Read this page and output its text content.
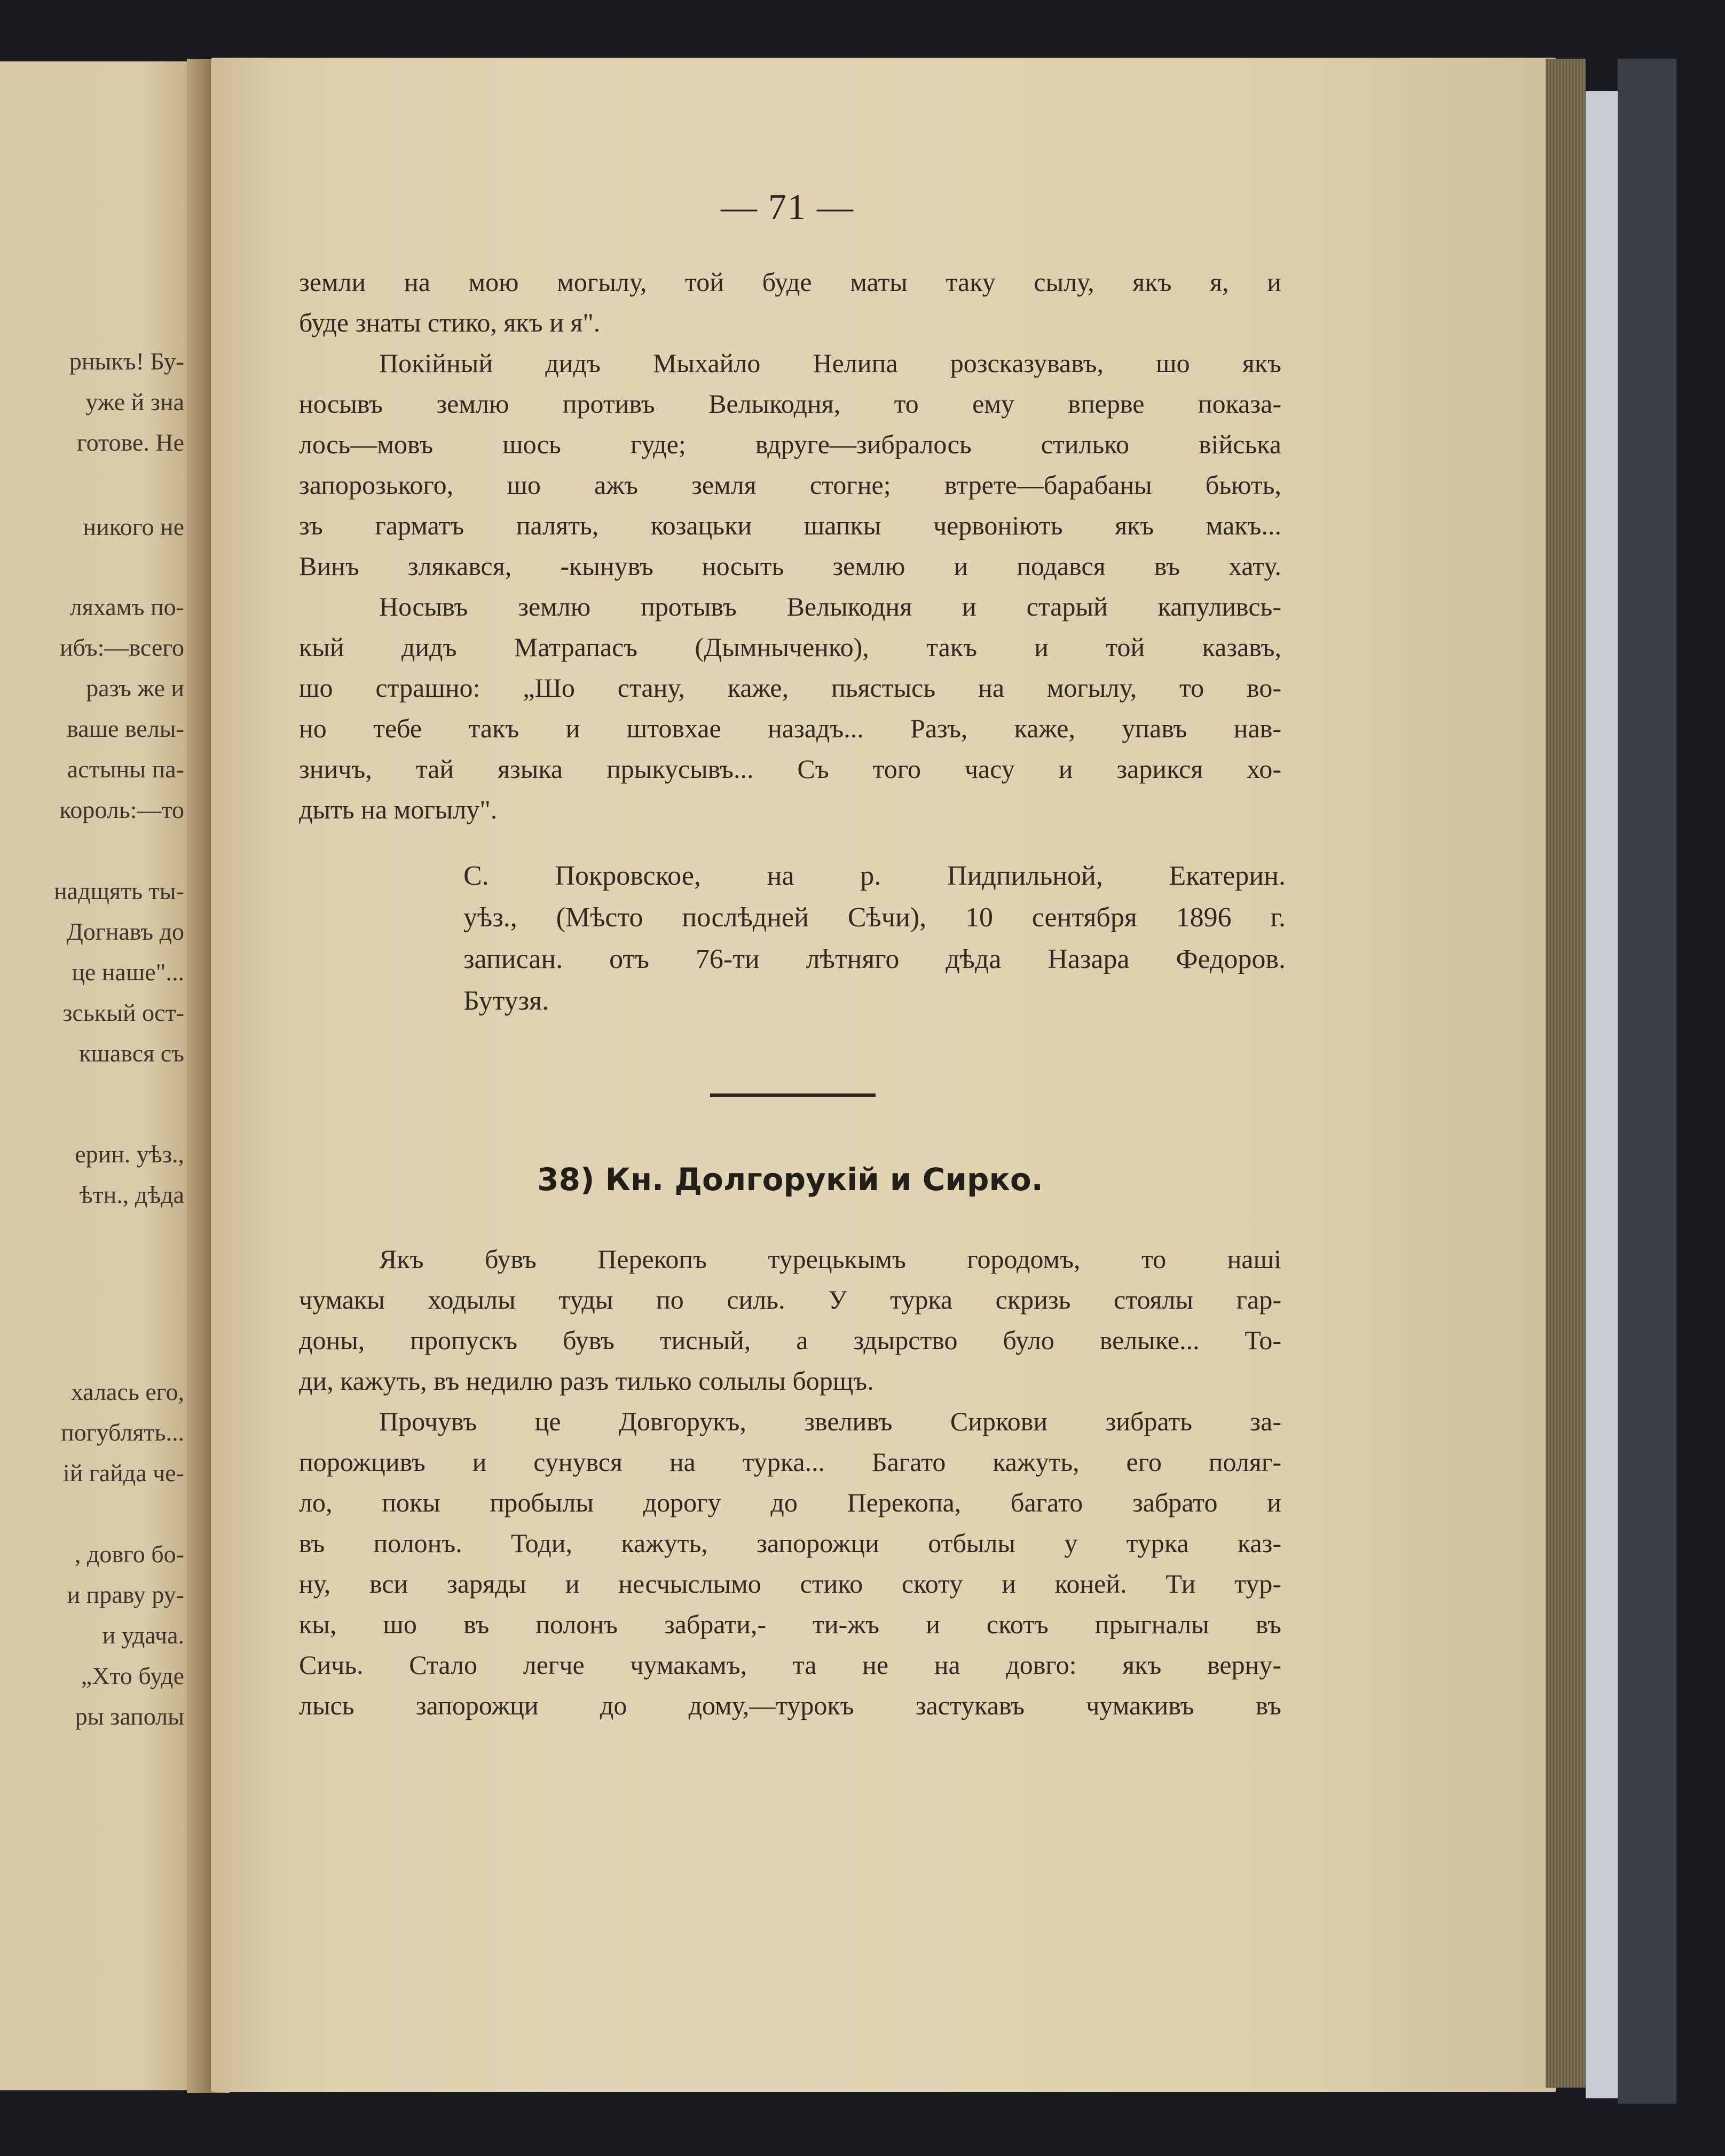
рныкъ! Бу-
уже й зна
готове. Не
никого не
ляхамъ по-
ибъ:—всего
разъ же и
ваше велы-
астыны па-
король:—то
надщять ты-
Догнавъ до
це наше"...
зськый оcт-
кшався съ
ерин. уѣз.,
ѣтн., дѣда
халась его,
погублять...
ій гайда че-
, довго бо-
и праву ру-
и удача.
„Хто буде
ры заполы
— 71 —
земли на мою могылу, той буде маты таку сылу, якъ я, и
буде знаты стико, якъ и я".
Покiйный дидъ Мыхайло Нелипа розсказувавъ, шо якъ
носывъ землю противъ Велыкодня, то ему вперве показа-
лось—мовъ шось гуде; вдруге—зибралось стилько вiйська
запорозького, шо ажъ земля стогне; втрете—барабаны бьють,
зъ гарматъ палять, козацьки шапкы червонiють якъ макъ...
Винъ злякався, -кынувъ носыть землю и подався въ хату.
Носывъ землю протывъ Велыкодня и старый капуливсь-
кый дидъ Матрапасъ (Дымныченко), такъ и той казавъ,
шо страшно: „Шо стану, каже, пьястысь на могылу, то во-
но тебе такъ и штовхае назадъ... Разъ, каже, упавъ нав-
зничъ, тай языка прыкусывъ... Съ того часу и зарикся хо-
дыть на могылу".
С. Покровское, на р. Пидпильной, Екатерин.
уѣз., (Мѣсто послѣдней Сѣчи), 10 сентября 1896 г.
записан. отъ 76-ти лѣтняго дѣда Назара Федоров.
Бутузя.
38) Кн. Долгорукiй и Сирко.
Якъ бувъ Перекопъ турецькымъ городомъ, то нашi
чумакы ходылы туды по силь. У турка скризь стоялы гар-
доны, пропускъ бувъ тисный, а здырство було велыке... То-
ди, кажуть, въ недилю разъ тилько солылы борщъ.
Прочувъ це Довгорукъ, звеливъ Сиркови зибрать за-
порожцивъ и сунувся на турка... Багато кажуть, его поляг-
ло, покы пробылы дорогу до Перекопа, багато забрато и
въ полонъ. Тоди, кажуть, запорожци отбылы у турка каз-
ну, вси заряды и несчыслымо стико скоту и коней. Ти тур-
кы, шо въ полонъ забрати,- ти-жъ и скотъ прыгналы въ
Сичь. Стало легче чумакамъ, та не на довго: якъ верну-
лысь запорожци до дому,—турокъ застукавъ чумакивъ въ
